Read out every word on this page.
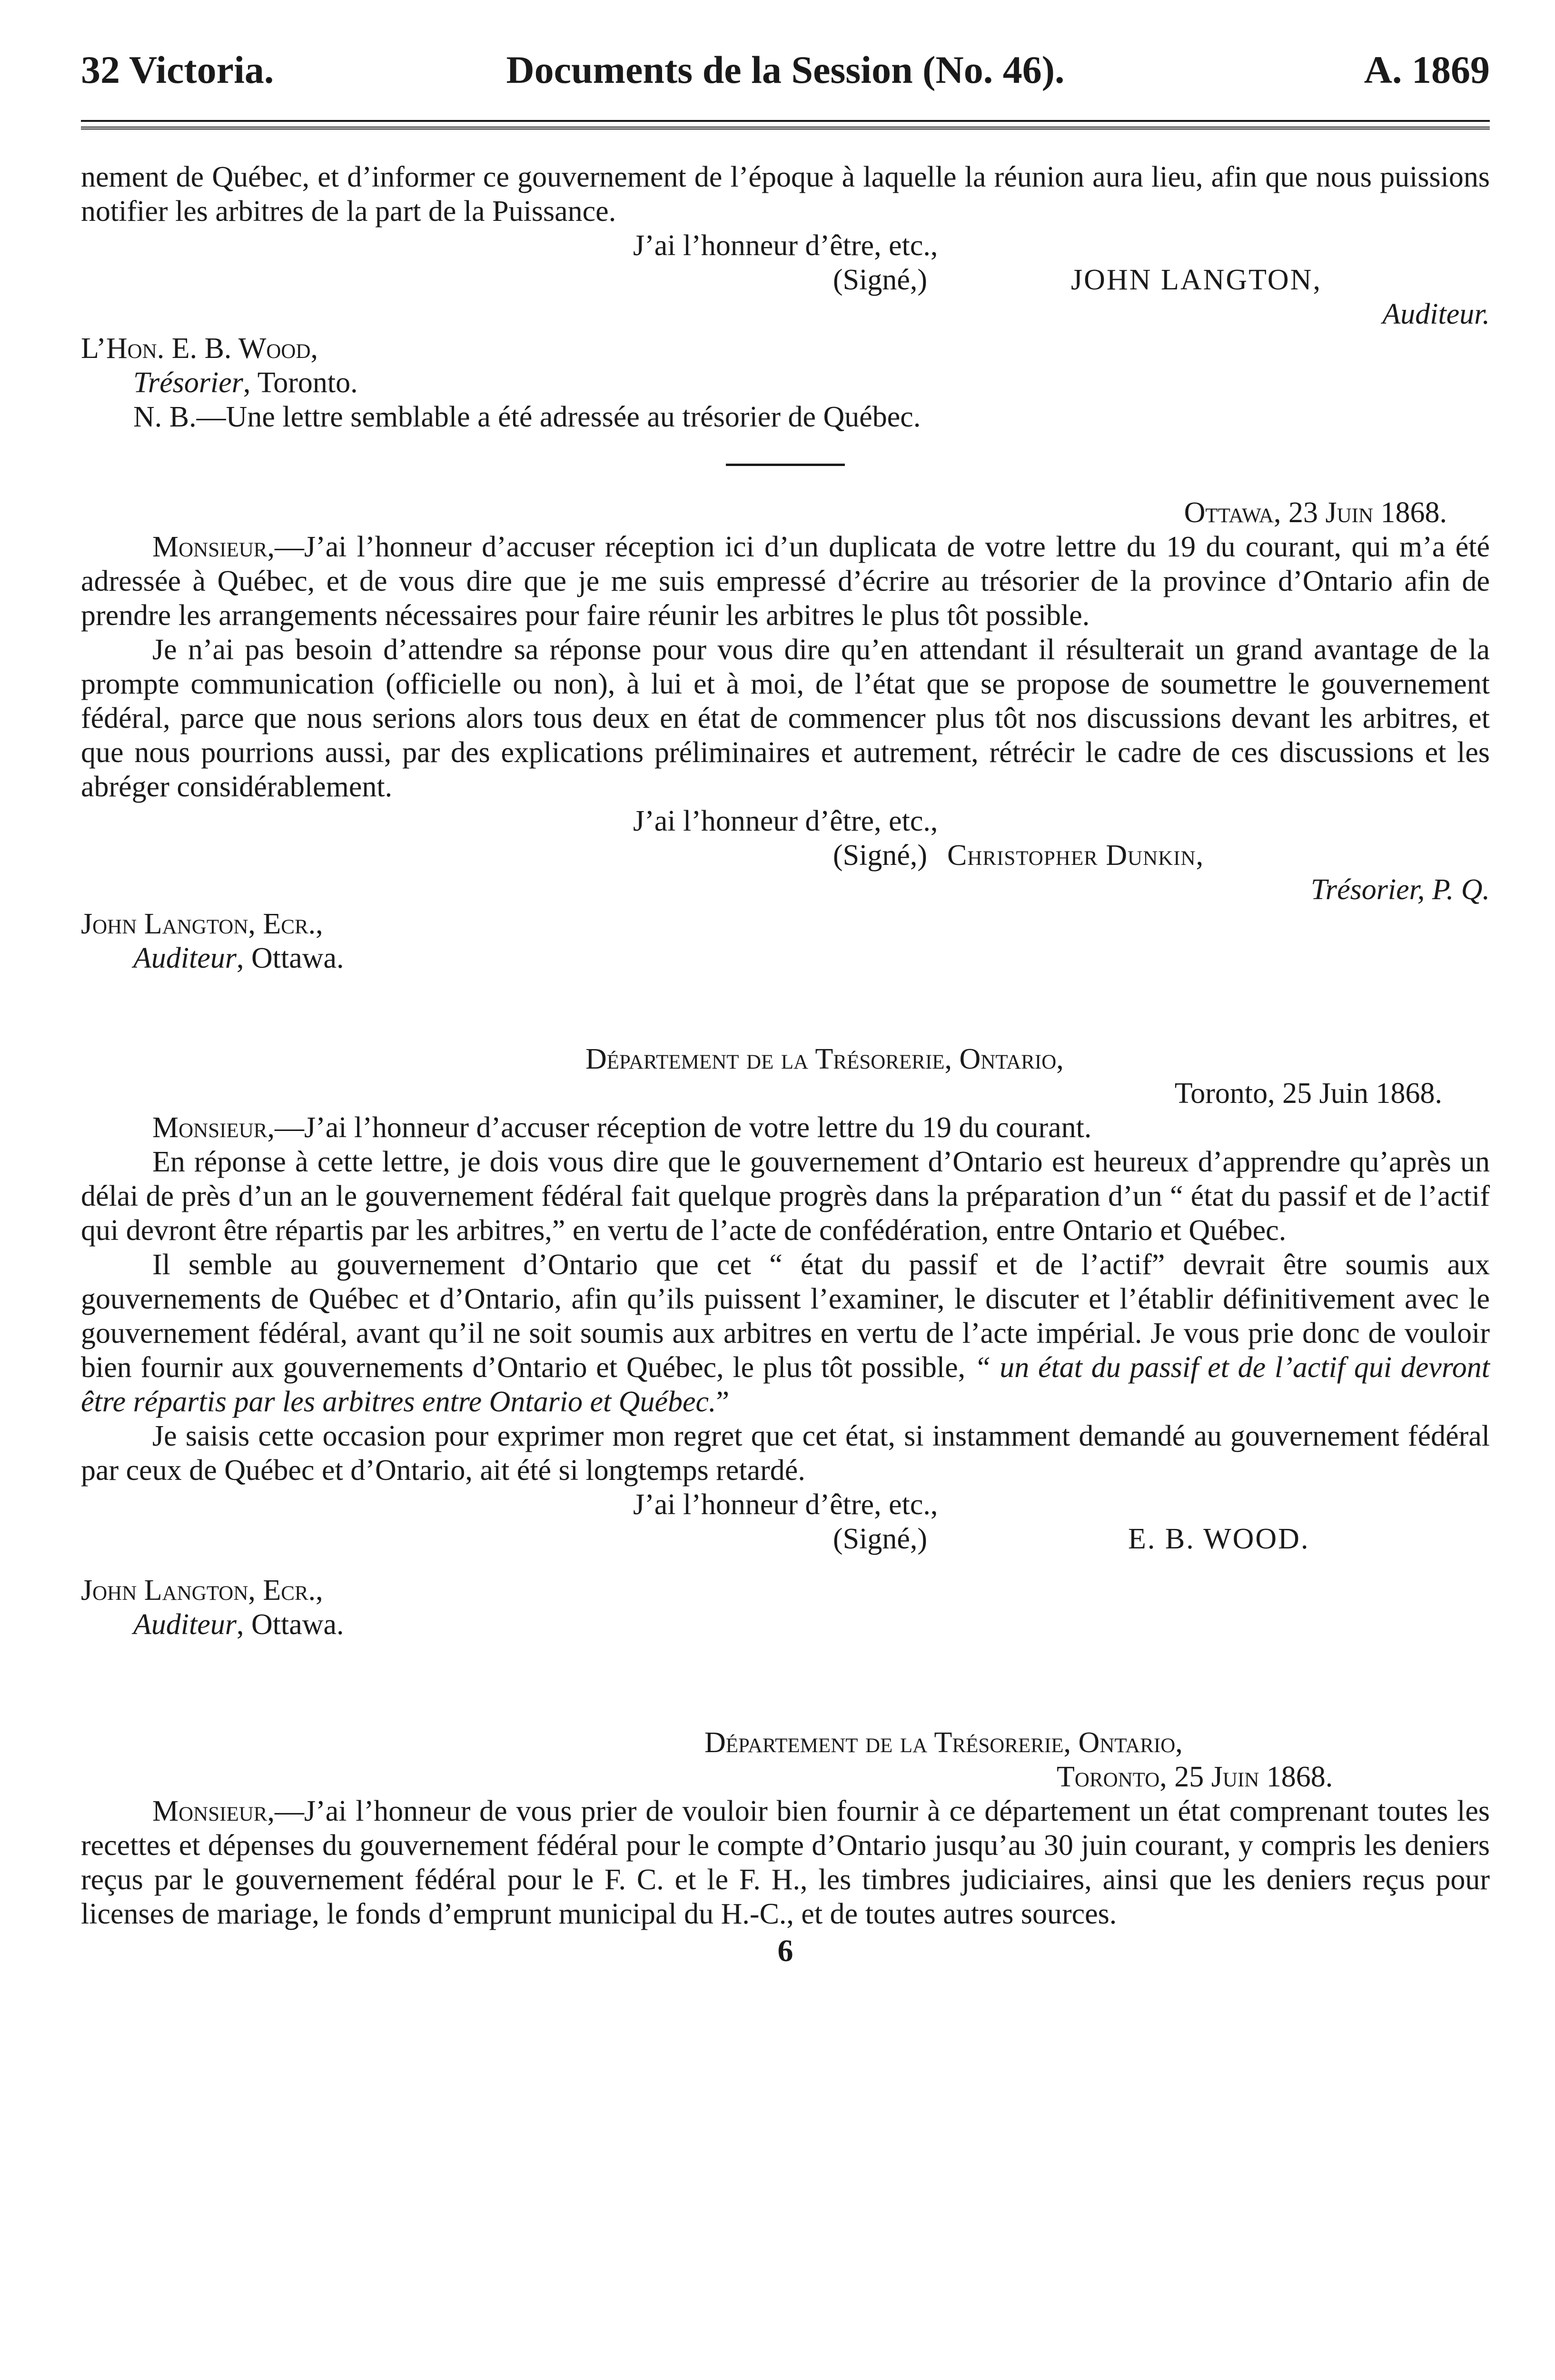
32 Victoria.	Documents de la Session (No. 46).	A. 1869

nement de Québec, et d’informer ce gouvernement de l’époque à laquelle la réunion aura lieu, afin que nous puissions notifier les arbitres de la part de la Puissance.

J’ai l’honneur d’être, etc.,

(Signé,)	JOHN LANGTON,

Auditeur.

L’Hon. E. B. Wood,

Trésorier, Toronto.

N. B.—Une lettre semblable a été adressée au trésorier de Québec.

Ottawa, 23 Juin 1868.

Monsieur,—J’ai l’honneur d’accuser réception ici d’un duplicata de votre lettre du 19 du courant, qui m’a été adressée à Québec, et de vous dire que je me suis empressé d’écrire au trésorier de la province d’Ontario afin de prendre les arrangements nécessaires pour faire réunir les arbitres le plus tôt possible.

Je n’ai pas besoin d’attendre sa réponse pour vous dire qu’en attendant il résulterait un grand avantage de la prompte communication (officielle ou non), à lui et à moi, de l’état que se propose de soumettre le gouvernement fédéral, parce que nous serions alors tous deux en état de commencer plus tôt nos discussions devant les arbitres, et que nous pourrions aussi, par des explications préliminaires et autrement, rétrécir le cadre de ces discussions et les abréger considérablement.

J’ai l’honneur d’être, etc.,

(Signé,) Christopher Dunkin,

Trésorier, P. Q.

John Langton, Ecr.,

Auditeur, Ottawa.

Département de la Trésorerie, Ontario,

Toronto, 25 Juin 1868.

Monsieur,—J’ai l’honneur d’accuser réception de votre lettre du 19 du courant.

En réponse à cette lettre, je dois vous dire que le gouvernement d’Ontario est heureux d’apprendre qu’après un délai de près d’un an le gouvernement fédéral fait quelque progrès dans la préparation d’un “ état du passif et de l’actif qui devront être répartis par les arbitres,” en vertu de l’acte de confédération, entre Ontario et Québec.

Il semble au gouvernement d’Ontario que cet “ état du passif et de l’actif” devrait être soumis aux gouvernements de Québec et d’Ontario, afin qu’ils puissent l’examiner, le discuter et l’établir définitivement avec le gouvernement fédéral, avant qu’il ne soit soumis aux arbitres en vertu de l’acte impérial. Je vous prie donc de vouloir bien fournir aux gouvernements d’Ontario et Québec, le plus tôt possible, “ un état du passif et de l’actif qui devront être répartis par les arbitres entre Ontario et Québec.”

Je saisis cette occasion pour exprimer mon regret que cet état, si instamment demandé au gouvernement fédéral par ceux de Québec et d’Ontario, ait été si longtemps retardé.

J’ai l’honneur d’être, etc.,

(Signé,)	E. B. WOOD.

John Langton, Ecr.,

Auditeur, Ottawa.

Département de la Trésorerie, Ontario,

Toronto, 25 Juin 1868.

Monsieur,—J’ai l’honneur de vous prier de vouloir bien fournir à ce département un état comprenant toutes les recettes et dépenses du gouvernement fédéral pour le compte d’Ontario jusqu’au 30 juin courant, y compris les deniers reçus par le gouvernement fédéral pour le F. C. et le F. H., les timbres judiciaires, ainsi que les deniers reçus pour licenses de mariage, le fonds d’emprunt municipal du H.-C., et de toutes autres sources.

6
